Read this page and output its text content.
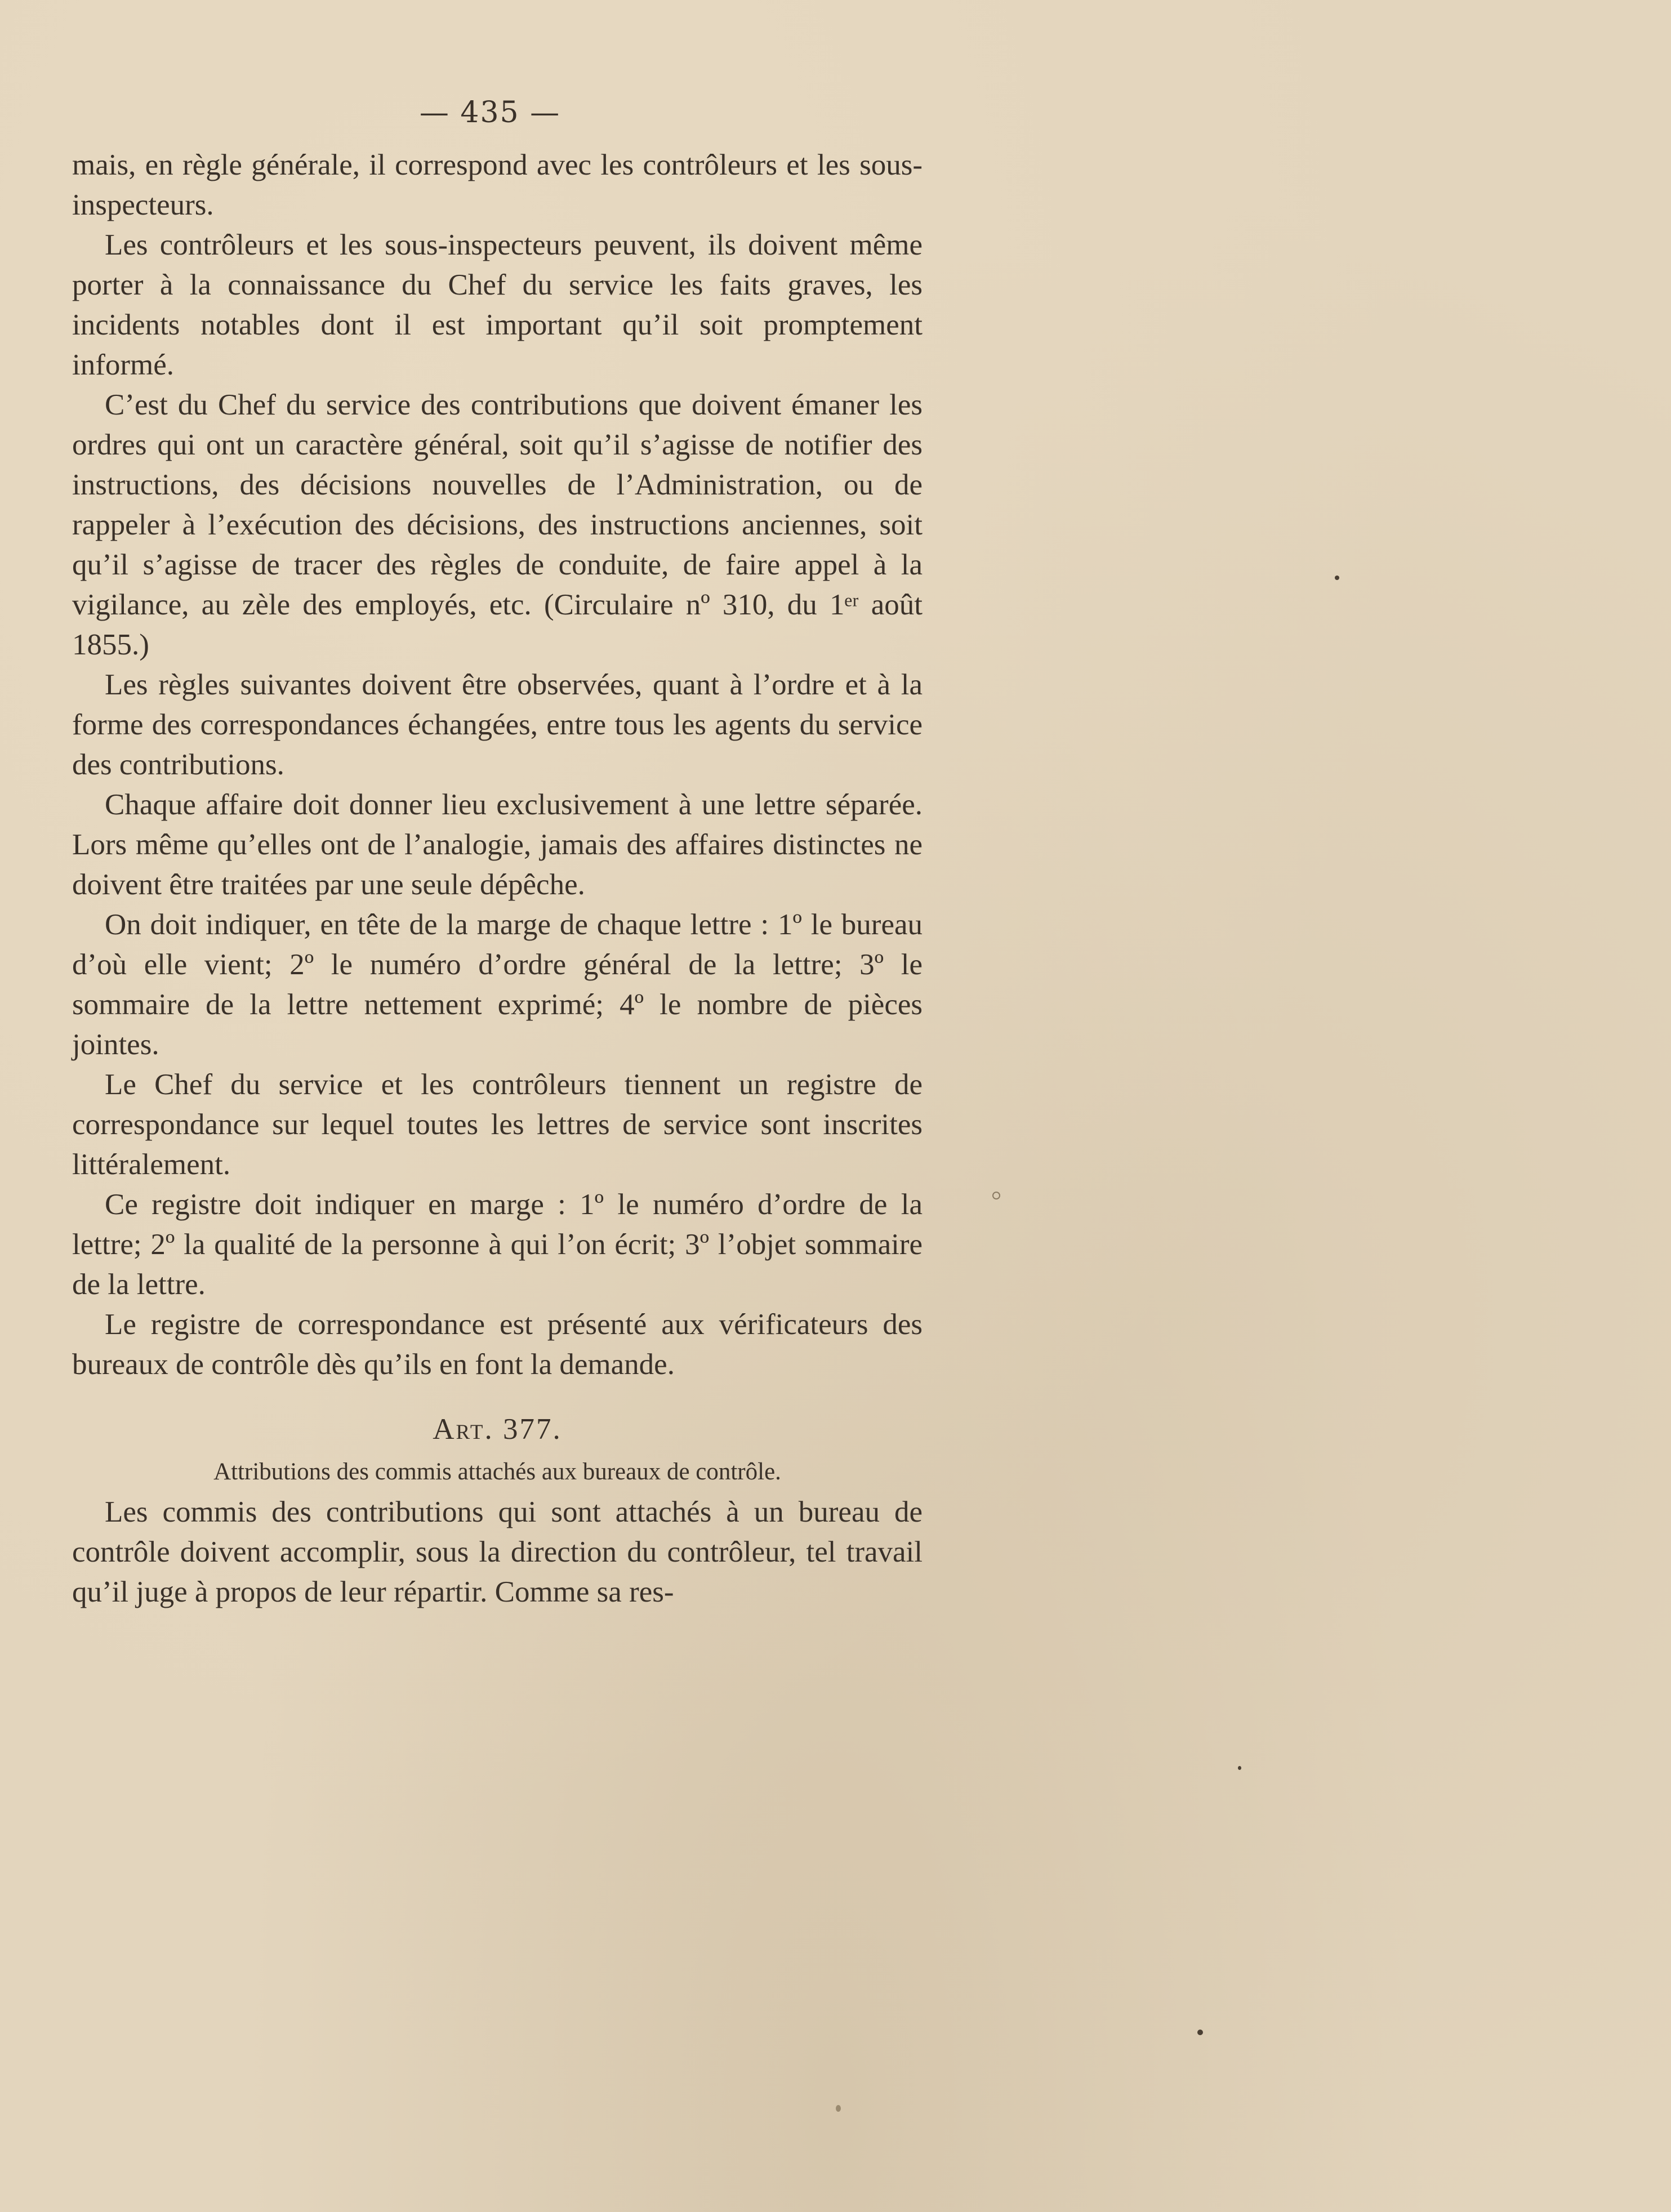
— 435 —

mais, en règle générale, il correspond avec les contrôleurs et les sous-inspecteurs.

Les contrôleurs et les sous-inspecteurs peuvent, ils doivent même porter à la connaissance du Chef du service les faits graves, les incidents notables dont il est important qu’il soit promptement informé.

C’est du Chef du service des contributions que doivent émaner les ordres qui ont un caractère général, soit qu’il s’agisse de notifier des instructions, des décisions nouvelles de l’Administration, ou de rappeler à l’exécution des décisions, des instructions anciennes, soit qu’il s’agisse de tracer des règles de conduite, de faire appel à la vigilance, au zèle des employés, etc. (Circulaire nº 310, du 1ᵉʳ août 1855.)

Les règles suivantes doivent être observées, quant à l’ordre et à la forme des correspondances échangées, entre tous les agents du service des contributions.

Chaque affaire doit donner lieu exclusivement à une lettre séparée. Lors même qu’elles ont de l’analogie, jamais des affaires distinctes ne doivent être traitées par une seule dépêche.

On doit indiquer, en tête de la marge de chaque lettre : 1º le bureau d’où elle vient; 2º le numéro d’ordre général de la lettre; 3º le sommaire de la lettre nettement exprimé; 4º le nombre de pièces jointes.

Le Chef du service et les contrôleurs tiennent un registre de correspondance sur lequel toutes les lettres de service sont inscrites littéralement.

Ce registre doit indiquer en marge : 1º le numéro d’ordre de la lettre; 2º la qualité de la personne à qui l’on écrit; 3º l’objet sommaire de la lettre.

Le registre de correspondance est présenté aux vérificateurs des bureaux de contrôle dès qu’ils en font la demande.

Art. 377.
Attributions des commis attachés aux bureaux de contrôle.

Les commis des contributions qui sont attachés à un bureau de contrôle doivent accomplir, sous la direction du contrôleur, tel travail qu’il juge à propos de leur répartir. Comme sa res-
